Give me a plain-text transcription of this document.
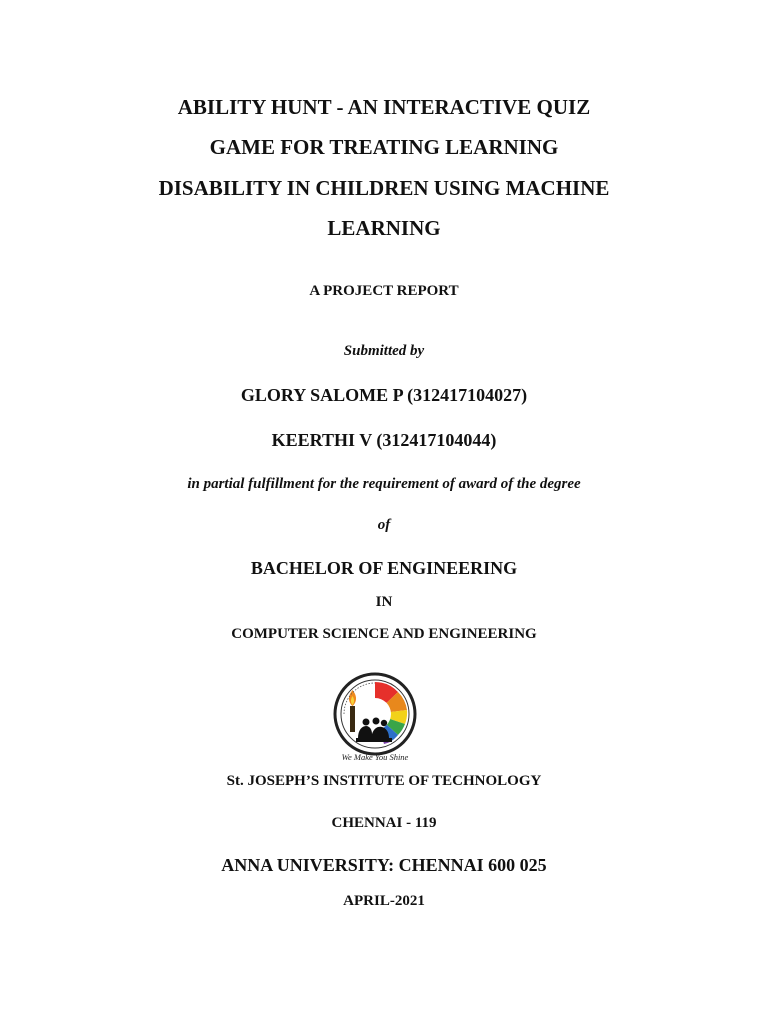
ABILITY HUNT - AN INTERACTIVE QUIZ
GAME FOR TREATING LEARNING
DISABILITY IN CHILDREN USING MACHINE
LEARNING
A PROJECT REPORT
Submitted by
GLORY SALOME P (312417104027)
KEERTHI V (312417104044)
in partial fulfillment for the requirement of award of the degree
of
BACHELOR OF ENGINEERING
IN
COMPUTER SCIENCE AND ENGINEERING
We Make You Shine
St. JOSEPH’S INSTITUTE OF TECHNOLOGY
CHENNAI - 119
ANNA UNIVERSITY: CHENNAI 600 025
APRIL-2021
